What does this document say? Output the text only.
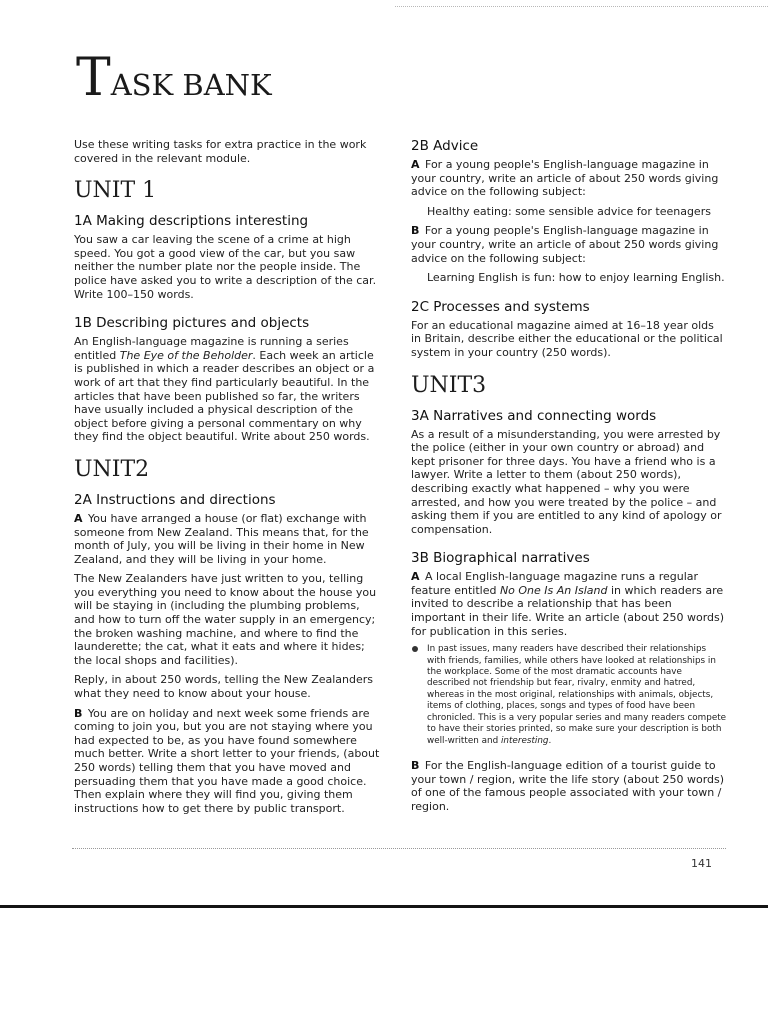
TASK BANK

Use these writing tasks for extra practice in the work covered in the relevant module.

UNIT 1
1A Making descriptions interesting

You saw a car leaving the scene of a crime at high speed. You got a good view of the car, but you saw neither the number plate nor the people inside. The police have asked you to write a description of the car. Write 100–150 words.

1B Describing pictures and objects

An English-language magazine is running a series entitled The Eye of the Beholder. Each week an article is published in which a reader describes an object or a work of art that they find particularly beautiful. In the articles that have been published so far, the writers have usually included a physical description of the object before giving a personal commentary on why they find the object beautiful. Write about 250 words.

UNIT2
2A Instructions and directions

A You have arranged a house (or flat) exchange with someone from New Zealand. This means that, for the month of July, you will be living in their home in New Zealand, and they will be living in your home.

The New Zealanders have just written to you, telling you everything you need to know about the house you will be staying in (including the plumbing problems, and how to turn off the water supply in an emergency; the broken washing machine, and where to find the launderette; the cat, what it eats and where it hides; the local shops and facilities).

Reply, in about 250 words, telling the New Zealanders what they need to know about your house.

B You are on holiday and next week some friends are coming to join you, but you are not staying where you had expected to be, as you have found somewhere much better. Write a short letter to your friends, (about 250 words) telling them that you have moved and persuading them that you have made a good choice. Then explain where they will find you, giving them instructions how to get there by public transport.

2B Advice

A For a young people's English-language magazine in your country, write an article of about 250 words giving advice on the following subject:

Healthy eating: some sensible advice for teenagers

B For a young people's English-language magazine in your country, write an article of about 250 words giving advice on the following subject:

Learning English is fun: how to enjoy learning English.

2C Processes and systems

For an educational magazine aimed at 16–18 year olds in Britain, describe either the educational or the political system in your country (250 words).

UNIT3
3A Narratives and connecting words

As a result of a misunderstanding, you were arrested by the police (either in your own country or abroad) and kept prisoner for three days. You have a friend who is a lawyer. Write a letter to them (about 250 words), describing exactly what happened – why you were arrested, and how you were treated by the police – and asking them if you are entitled to any kind of apology or compensation.

3B Biographical narratives

A A local English-language magazine runs a regular feature entitled No One Is An Island in which readers are invited to describe a relationship that has been important in their life. Write an article (about 250 words) for publication in this series.

In past issues, many readers have described their relationships with friends, families, while others have looked at relationships in the workplace. Some of the most dramatic accounts have described not friendship but fear, rivalry, enmity and hatred, whereas in the most original, relationships with animals, objects, items of clothing, places, songs and types of food have been chronicled. This is a very popular series and many readers compete to have their stories printed, so make sure your description is both well-written and interesting.

B For the English-language edition of a tourist guide to your town / region, write the life story (about 250 words) of one of the famous people associated with your town / region.

141
